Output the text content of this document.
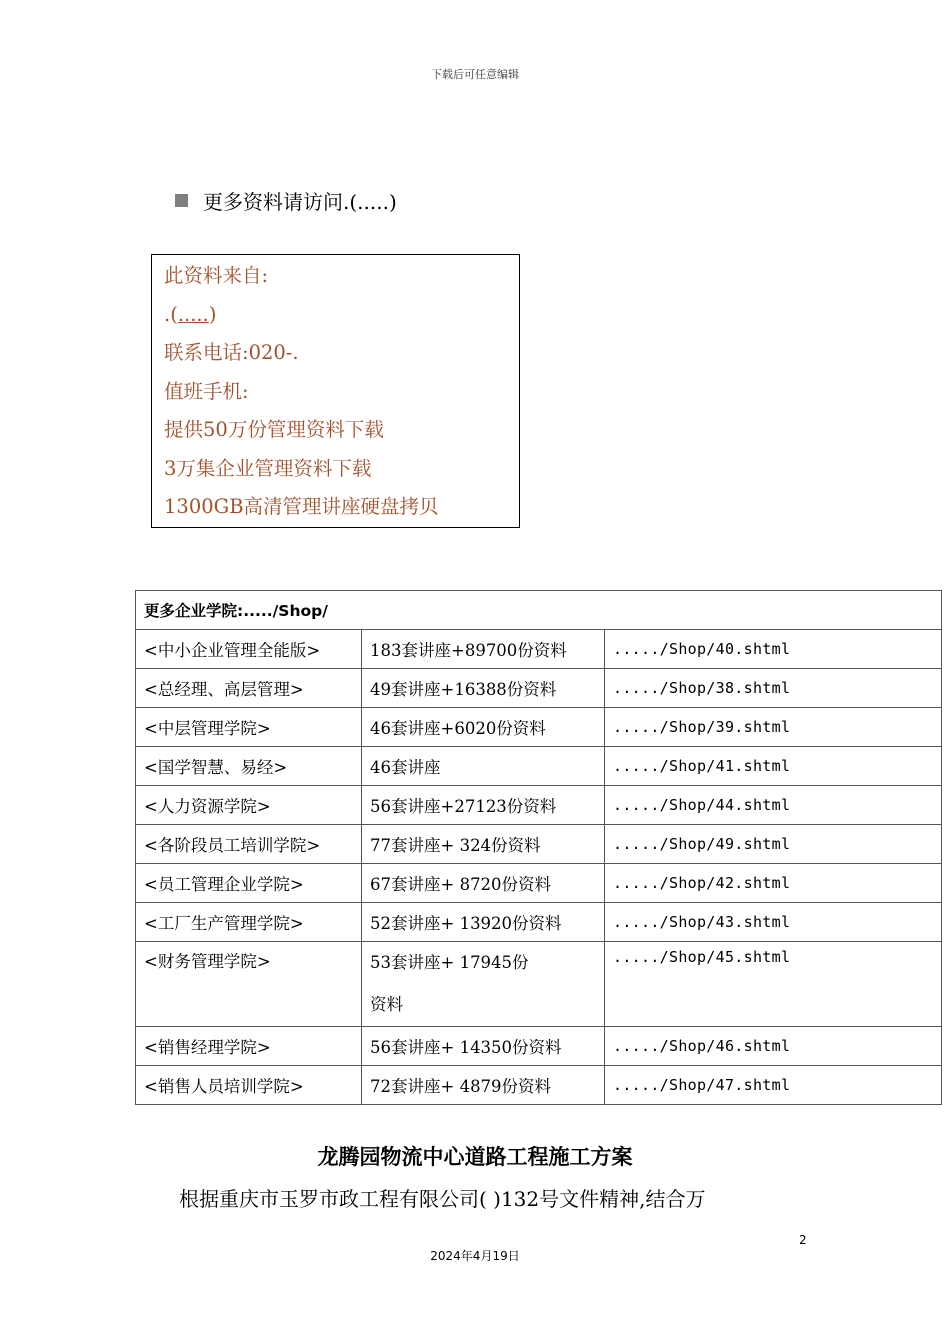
下载后可任意编辑
更多资料请访问.(.....)
此资料来自:
.(.....)
联系电话:020-.
值班手机:
提供50万份管理资料下载
3万集企业管理资料下载
1300GB高清管理讲座硬盘拷贝
更多企业学院:...../Shop/		
<中小企业管理全能版>	183套讲座+89700份资料	...../Shop/40.shtml
<总经理、高层管理>	49套讲座+16388份资料	...../Shop/38.shtml
<中层管理学院>	46套讲座+6020份资料	...../Shop/39.shtml
<国学智慧、易经>	46套讲座	...../Shop/41.shtml
<人力资源学院>	56套讲座+27123份资料	...../Shop/44.shtml
<各阶段员工培训学院>	77套讲座+ 324份资料	...../Shop/49.shtml
<员工管理企业学院>	67套讲座+ 8720份资料	...../Shop/42.shtml
<工厂生产管理学院>	52套讲座+ 13920份资料	...../Shop/43.shtml
<财务管理学院>	53套讲座+ 17945份资料	...../Shop/45.shtml
<销售经理学院>	56套讲座+ 14350份资料	...../Shop/46.shtml
<销售人员培训学院>	72套讲座+ 4879份资料	...../Shop/47.shtml
龙腾园物流中心道路工程施工方案
根据重庆市玉罗市政工程有限公司( )132号文件精神,结合万
2
2024年4月19日
